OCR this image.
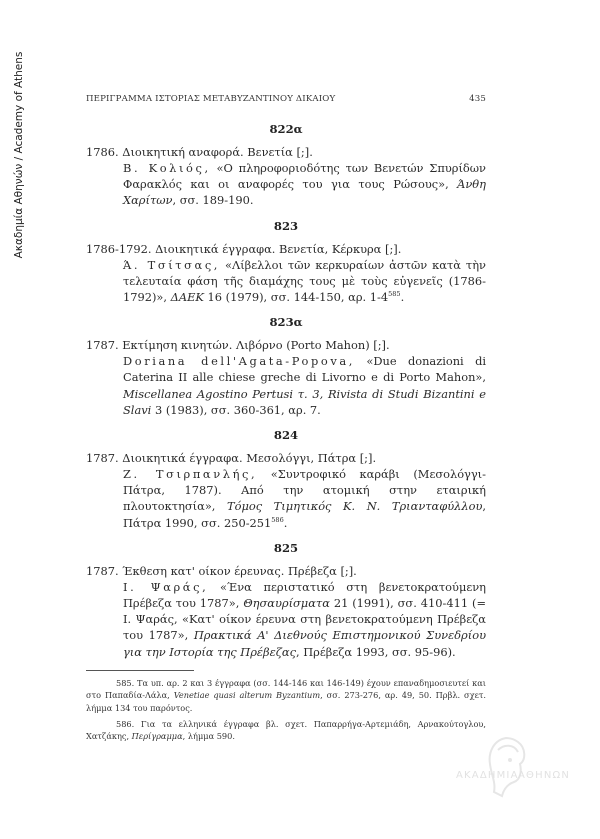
Ακαδημία Αθηνών / Academy of Athens	ΠΕΡΙΓΡΑΜΜΑ ΙΣΤΟΡΙΑΣ ΜΕΤΑΒΥΖΑΝΤΙΝΟΥ ΔΙΚΑΙΟΥ	435

822α

1786. Διοικητική αναφορά. Βενετία [;].

Β. Κολιός, «Ο πληροφοριοδότης των Βενετών Σπυρίδων Φαρακλός και οι αναφορές του για τους Ρώσους», Άνθη Χαρίτων, σσ. 189-190.

823

1786-1792. Διοικητικά έγγραφα. Βενετία, Κέρκυρα [;].

Ά. Τσίτσας, «Λίβελλοι τῶν κερκυραίων ἀστῶν κατὰ τὴν τελευταία φάση τῆς διαμάχης τους μὲ τοὺς εὐγενεῖς (1786-1792)», ΔΑΕΚ 16 (1979), σσ. 144-150, αρ. $1-4^{585}$.

823α

1787. Εκτίμηση κινητών. Λιβόρνο (Porto Mahon) [;].

Doriana dell'Agata-Popova, «Due donazioni di Caterina II alle chiese greche di Livorno e di Porto Mahon», Miscellanea Agostino Pertusi τ. 3, Rivista di Studi Bizantini e Slavi 3 (1983), σσ. 360-361, αρ. 7.

824

1787. Διοικητικά έγγραφα. Μεσολόγγι, Πάτρα [;].

Ζ. Τσιρπανλής, «Συντροφικό καράβι (Μεσολόγγι-Πάτρα, 1787). Από την ατομική στην εταιρική πλουτοκτησία», Τόμος Τιμητικός Κ. Ν. Τριανταφύλλου, Πάτρα 1990, σσ. $250-251^{586}$.

825

1787. Έκθεση κατ' οίκον έρευνας. Πρέβεζα [;].

Ι. Ψαράς, «Ένα περιστατικό στη βενετοκρατούμενη Πρέβεζα του 1787», Θησαυρίσματα 21 (1991), σσ. 410-411 (= Ι. Ψαράς, «Κατ' οίκον έρευνα στη βενετοκρατούμενη Πρέβεζα του 1787», Πρακτικά Α' Διεθνούς Επιστημονικού Συνεδρίου για την Ιστορία της Πρέβεζας, Πρέβεζα 1993, σσ. 95-96).

585. Τα υπ. αρ. 2 και 3 έγγραφα (σσ. 144-146 και 146-149) έχουν επαναδημοσιευτεί και στο Παπαδία-Λάλα, Venetiae quasi alterum Byzantium, σσ. 273-276, αρ. 49, 50. Πρβλ. σχετ. λήμμα 134 του παρόντος.

586. Για τα ελληνικά έγγραφα βλ. σχετ. Παπαρρήγα-Αρτεμιάδη, Αρνακούτογλου, Χατζάκης, Περίγραμμα, λήμμα 590.

ΑΚΑΔΗΜΙΑ ΑΘΗΝΩΝ
